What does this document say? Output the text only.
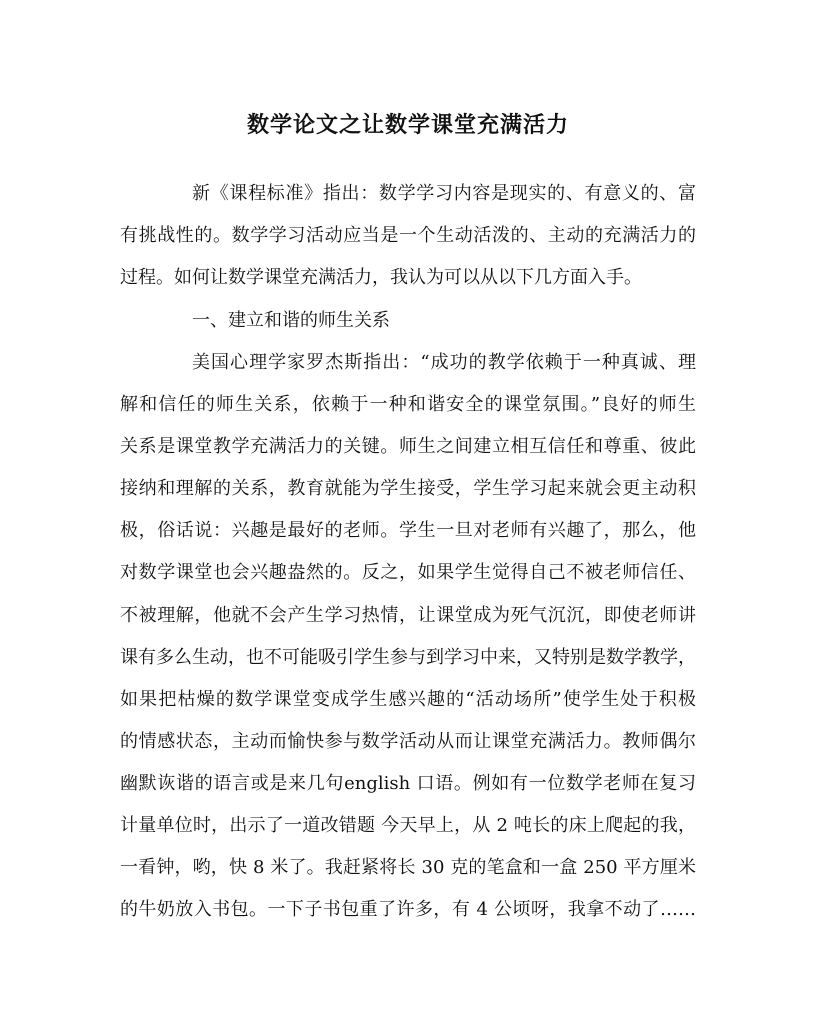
数学论文之让数学课堂充满活力
新《课程标准》指出：数学学习内容是现实的、有意义的、富
有挑战性的。数学学习活动应当是一个生动活泼的、主动的充满活力的
过程。如何让数学课堂充满活力，我认为可以从以下几方面入手。
一、建立和谐的师生关系
美国心理学家罗杰斯指出：“成功的教学依赖于一种真诚、理
解和信任的师生关系，依赖于一种和谐安全的课堂氛围。”良好的师生
关系是课堂教学充满活力的关键。师生之间建立相互信任和尊重、彼此
接纳和理解的关系，教育就能为学生接受，学生学习起来就会更主动积
极，俗话说：兴趣是最好的老师。学生一旦对老师有兴趣了，那么，他
对数学课堂也会兴趣盎然的。反之，如果学生觉得自己不被老师信任、
不被理解，他就不会产生学习热情，让课堂成为死气沉沉，即使老师讲
课有多么生动，也不可能吸引学生参与到学习中来，又特别是数学教学，
如果把枯燥的数学课堂变成学生感兴趣的“活动场所”使学生处于积极
的情感状态，主动而愉快参与数学活动从而让课堂充满活力。教师偶尔
幽默诙谐的语言或是来几句english 口语。例如有一位数学老师在复习
计量单位时，出示了一道改错题 今天早上，从 2 吨长的床上爬起的我，
一看钟，哟，快 8 米了。我赶紧将长 30 克的笔盒和一盒 250 平方厘米
的牛奶放入书包。一下子书包重了许多，有 4 公顷呀，我拿不动了……
